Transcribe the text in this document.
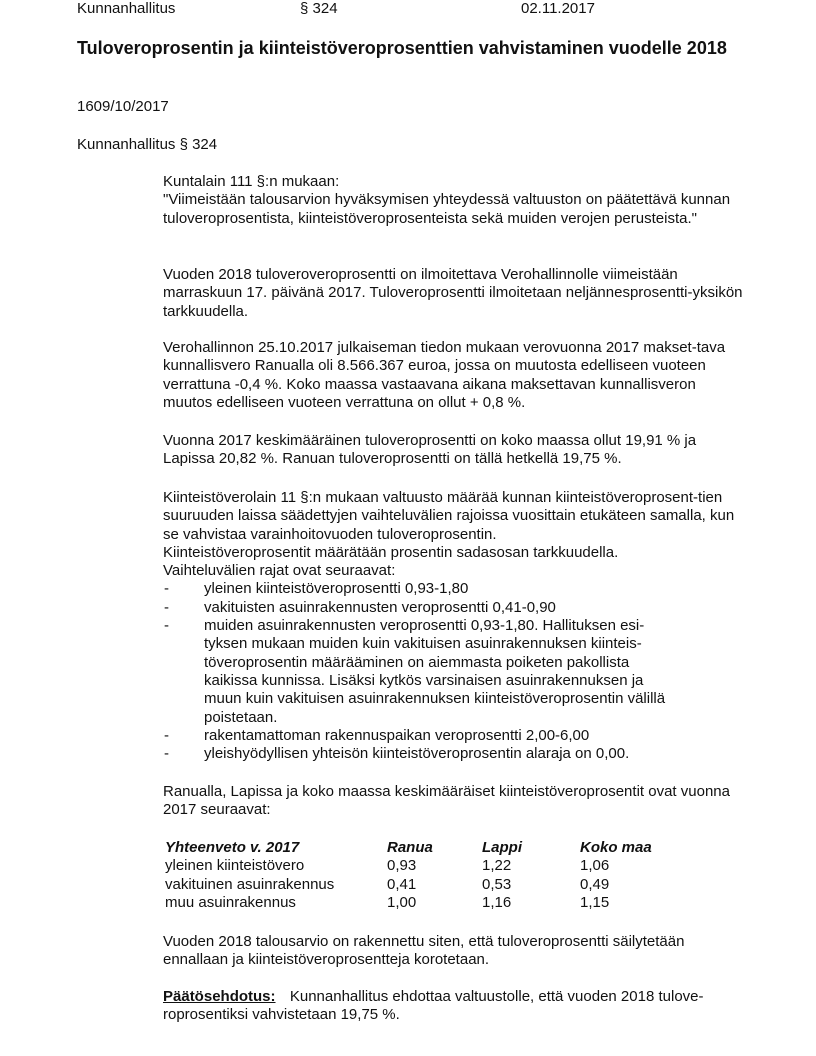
Kunnanhallitus	§ 324	02.11.2017
Tuloveroprosentin ja kiinteistöveroprosenttien vahvistaminen vuodelle 2018
1609/10/2017
Kunnanhallitus § 324

Kuntalain 111 §:n mukaan:

"Viimeistään talousarvion hyväksymisen yhteydessä valtuuston on päätettävä kunnan tuloveroprosentista, kiinteistöveroprosenteista sekä muiden verojen perusteista."

Vuoden 2018 tuloveroveroprosentti on ilmoitettava Verohallinnolle viimeistään marraskuun 17. päivänä 2017. Tuloveroprosentti ilmoitetaan neljännesprosentti-yksikön tarkkuudella.
Verohallinnon 25.10.2017 julkaiseman tiedon mukaan verovuonna 2017 makset-tava kunnallisvero Ranualla oli 8.566.367 euroa, jossa on muutosta edelliseen vuoteen verrattuna -0,4 %. Koko maassa vastaavana aikana maksettavan kunnallisveron muutos edelliseen vuoteen verrattuna on ollut + 0,8 %.
Vuonna 2017 keskimääräinen tuloveroprosentti on koko maassa ollut 19,91 % ja Lapissa 20,82 %. Ranuan tuloveroprosentti on tällä hetkellä 19,75 %.

Kiinteistöverolain 11 §:n mukaan valtuusto määrää kunnan kiinteistöveroprosent-tien suuruuden laissa säädettyjen vaihteluvälien rajoissa vuosittain etukäteen samalla, kun se vahvistaa varainhoitovuoden tuloveroprosentin.

Kiinteistöveroprosentit määrätään prosentin sadasosan tarkkuudella.

Vaihteluvälien rajat ovat seuraavat:

- yleinen kiinteistöveroprosentti 0,93-1,80
- vakituisten asuinrakennusten veroprosentti 0,41-0,90
- muiden asuinrakennusten veroprosentti 0,93-1,80. Hallituksen esi-tyksen mukaan muiden kuin vakituisen asuinrakennuksen kiinteis-töveroprosentin määrääminen on aiemmasta poiketen pakollista kaikissa kunnissa. Lisäksi kytkös varsinaisen asuinrakennuksen ja muun kuin vakituisen asuinrakennuksen kiinteistöveroprosentin välillä poistetaan.
- rakentamattoman rakennuspaikan veroprosentti 2,00-6,00
- yleishyödyllisen yhteisön kiinteistöveroprosentin alaraja on 0,00.
Ranualla, Lapissa ja koko maassa keskimääräiset kiinteistöveroprosentit ovat vuonna 2017 seuraavat:
Yhteenveto v. 2017	Ranua	Lappi	Koko maa
yleinen kiinteistövero	0,93	1,22	1,06
vakituinen asuinrakennus	0,41	0,53	0,49
muu asuinrakennus	1,00	1,16	1,15
Vuoden 2018 talousarvio on rakennettu siten, että tuloveroprosentti säilytetään ennallaan ja kiinteistöveroprosentteja korotetaan.
Päätösehdotus: Kunnanhallitus ehdottaa valtuustolle, että vuoden 2018 tulove-roprosentiksi vahvistetaan 19,75 %.
